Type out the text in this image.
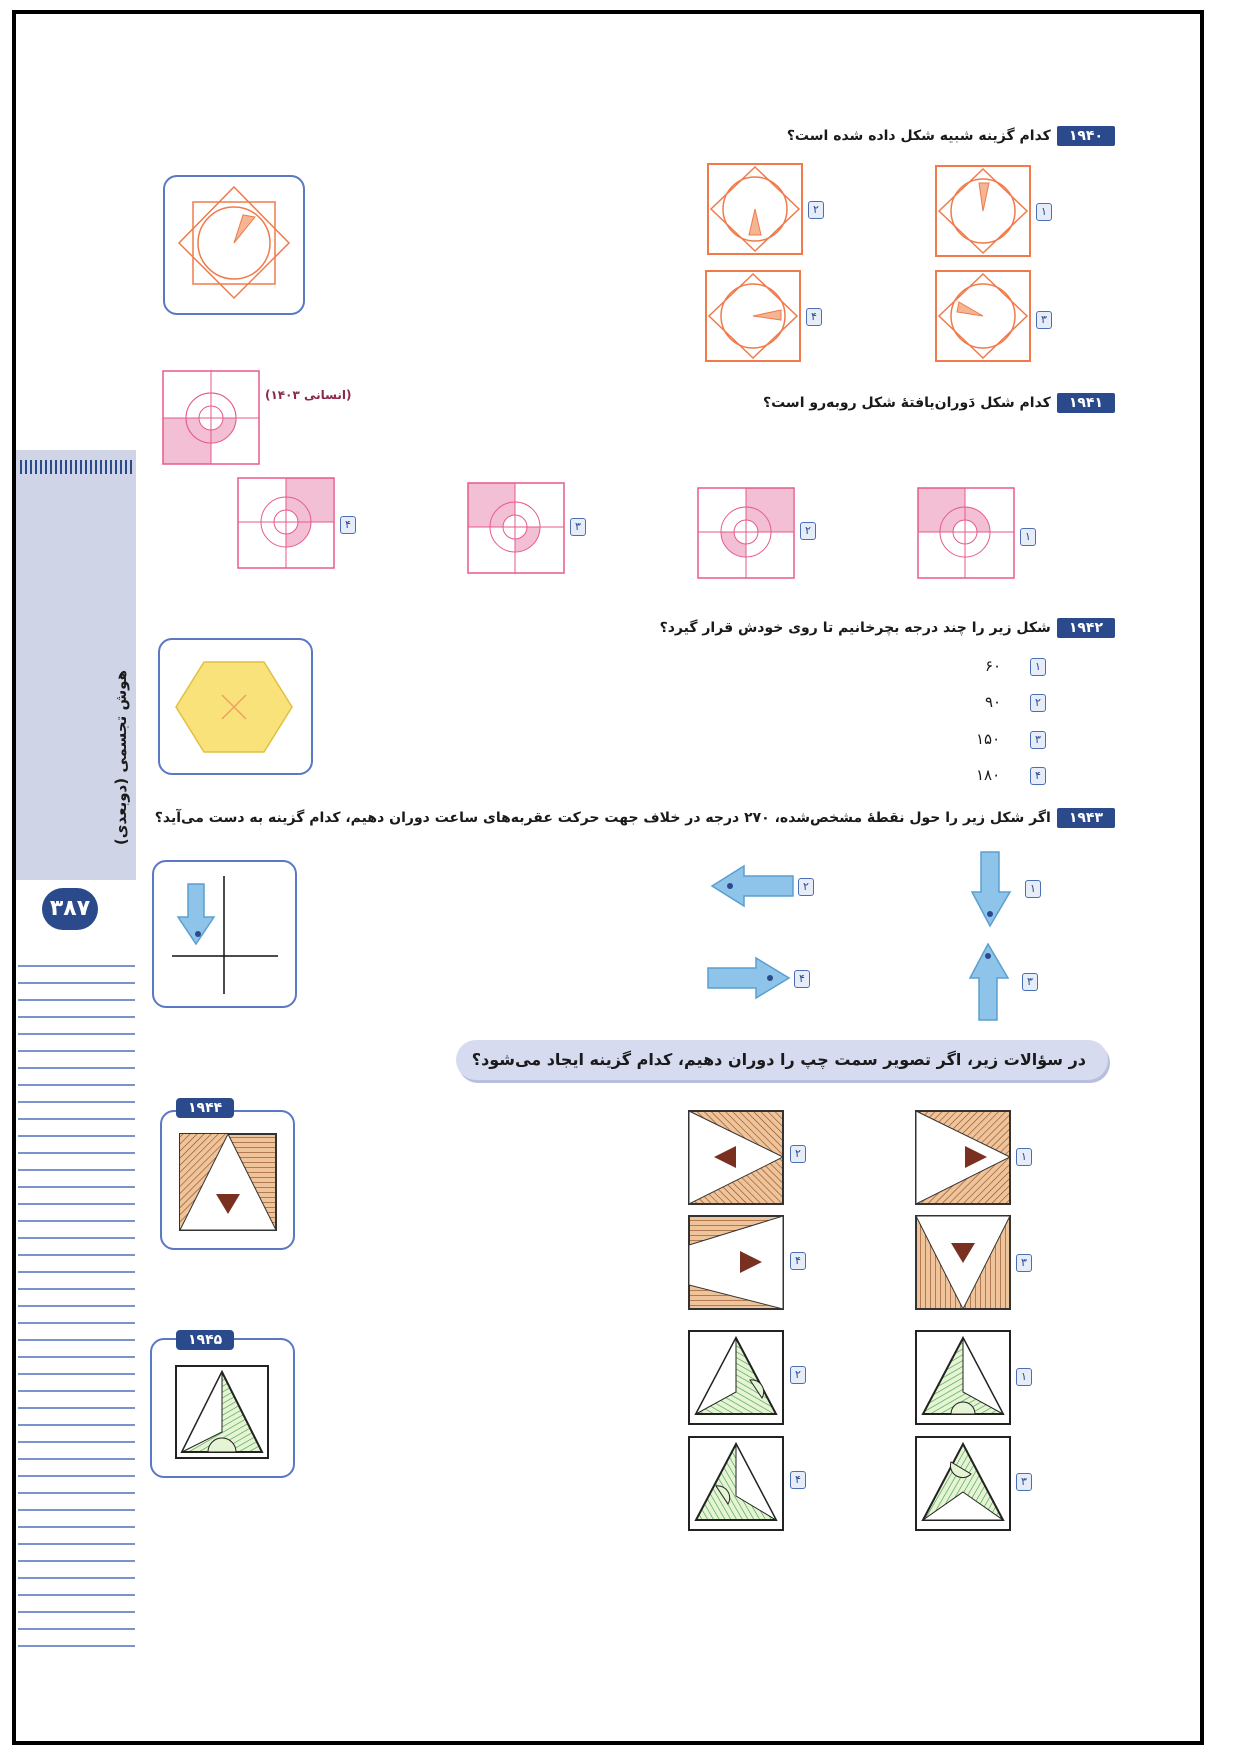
هوش تجسمی (دوبعدی)
۳۸۷
۱۹۴۰کدام گزینه شبیه شکل داده شده است؟
۱
۲
۳
۴
(انسانی ۱۴۰۳)	۱۹۴۱کدام شکل دَوران‌یافتهٔ شکل روبه‌رو است؟
۱
۲
۳
۴
۱۹۴۲شکل زیر را چند درجه بچرخانیم تا روی خودش قرار گیرد؟
۶۰	۱
۹۰	۲
۱۵۰	۳
۱۸۰	۴
۱۹۴۳اگر شکل زیر را حول نقطهٔ مشخص‌شده، ۲۷۰ درجه در خلاف جهت حرکت عقربه‌های ساعت دوران دهیم، کدام گزینه به دست می‌آید؟
۱
۲
۳
۴
در سؤالات زیر، اگر تصویر سمت چپ را دوران دهیم، کدام گزینه ایجاد می‌شود؟
۱۹۴۴
۱
۲
۳
۴
۱۹۴۵
۱
۲
۳
۴
